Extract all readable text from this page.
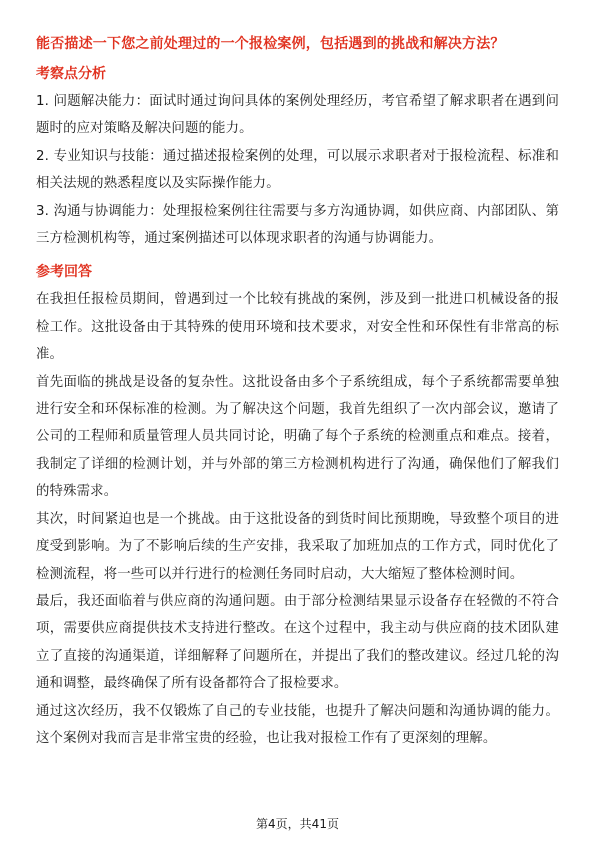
能否描述一下您之前处理过的一个报检案例，包括遇到的挑战和解决方法？
考察点分析

1. 问题解决能力：面试时通过询问具体的案例处理经历，考官希望了解求职者在遇到问题时的应对策略及解决问题的能力。

2. 专业知识与技能：通过描述报检案例的处理，可以展示求职者对于报检流程、标准和相关法规的熟悉程度以及实际操作能力。

3. 沟通与协调能力：处理报检案例往往需要与多方沟通协调，如供应商、内部团队、第三方检测机构等，通过案例描述可以体现求职者的沟通与协调能力。

参考回答

在我担任报检员期间，曾遇到过一个比较有挑战的案例，涉及到一批进口机械设备的报检工作。这批设备由于其特殊的使用环境和技术要求，对安全性和环保性有非常高的标准。

首先面临的挑战是设备的复杂性。这批设备由多个子系统组成，每个子系统都需要单独进行安全和环保标准的检测。为了解决这个问题，我首先组织了一次内部会议，邀请了公司的工程师和质量管理人员共同讨论，明确了每个子系统的检测重点和难点。接着，我制定了详细的检测计划，并与外部的第三方检测机构进行了沟通，确保他们了解我们的特殊需求。

其次，时间紧迫也是一个挑战。由于这批设备的到货时间比预期晚，导致整个项目的进度受到影响。为了不影响后续的生产安排，我采取了加班加点的工作方式，同时优化了检测流程，将一些可以并行进行的检测任务同时启动，大大缩短了整体检测时间。

最后，我还面临着与供应商的沟通问题。由于部分检测结果显示设备存在轻微的不符合项，需要供应商提供技术支持进行整改。在这个过程中，我主动与供应商的技术团队建立了直接的沟通渠道，详细解释了问题所在，并提出了我们的整改建议。经过几轮的沟通和调整，最终确保了所有设备都符合了报检要求。

通过这次经历，我不仅锻炼了自己的专业技能，也提升了解决问题和沟通协调的能力。这个案例对我而言是非常宝贵的经验，也让我对报检工作有了更深刻的理解。

第4页，共41页
